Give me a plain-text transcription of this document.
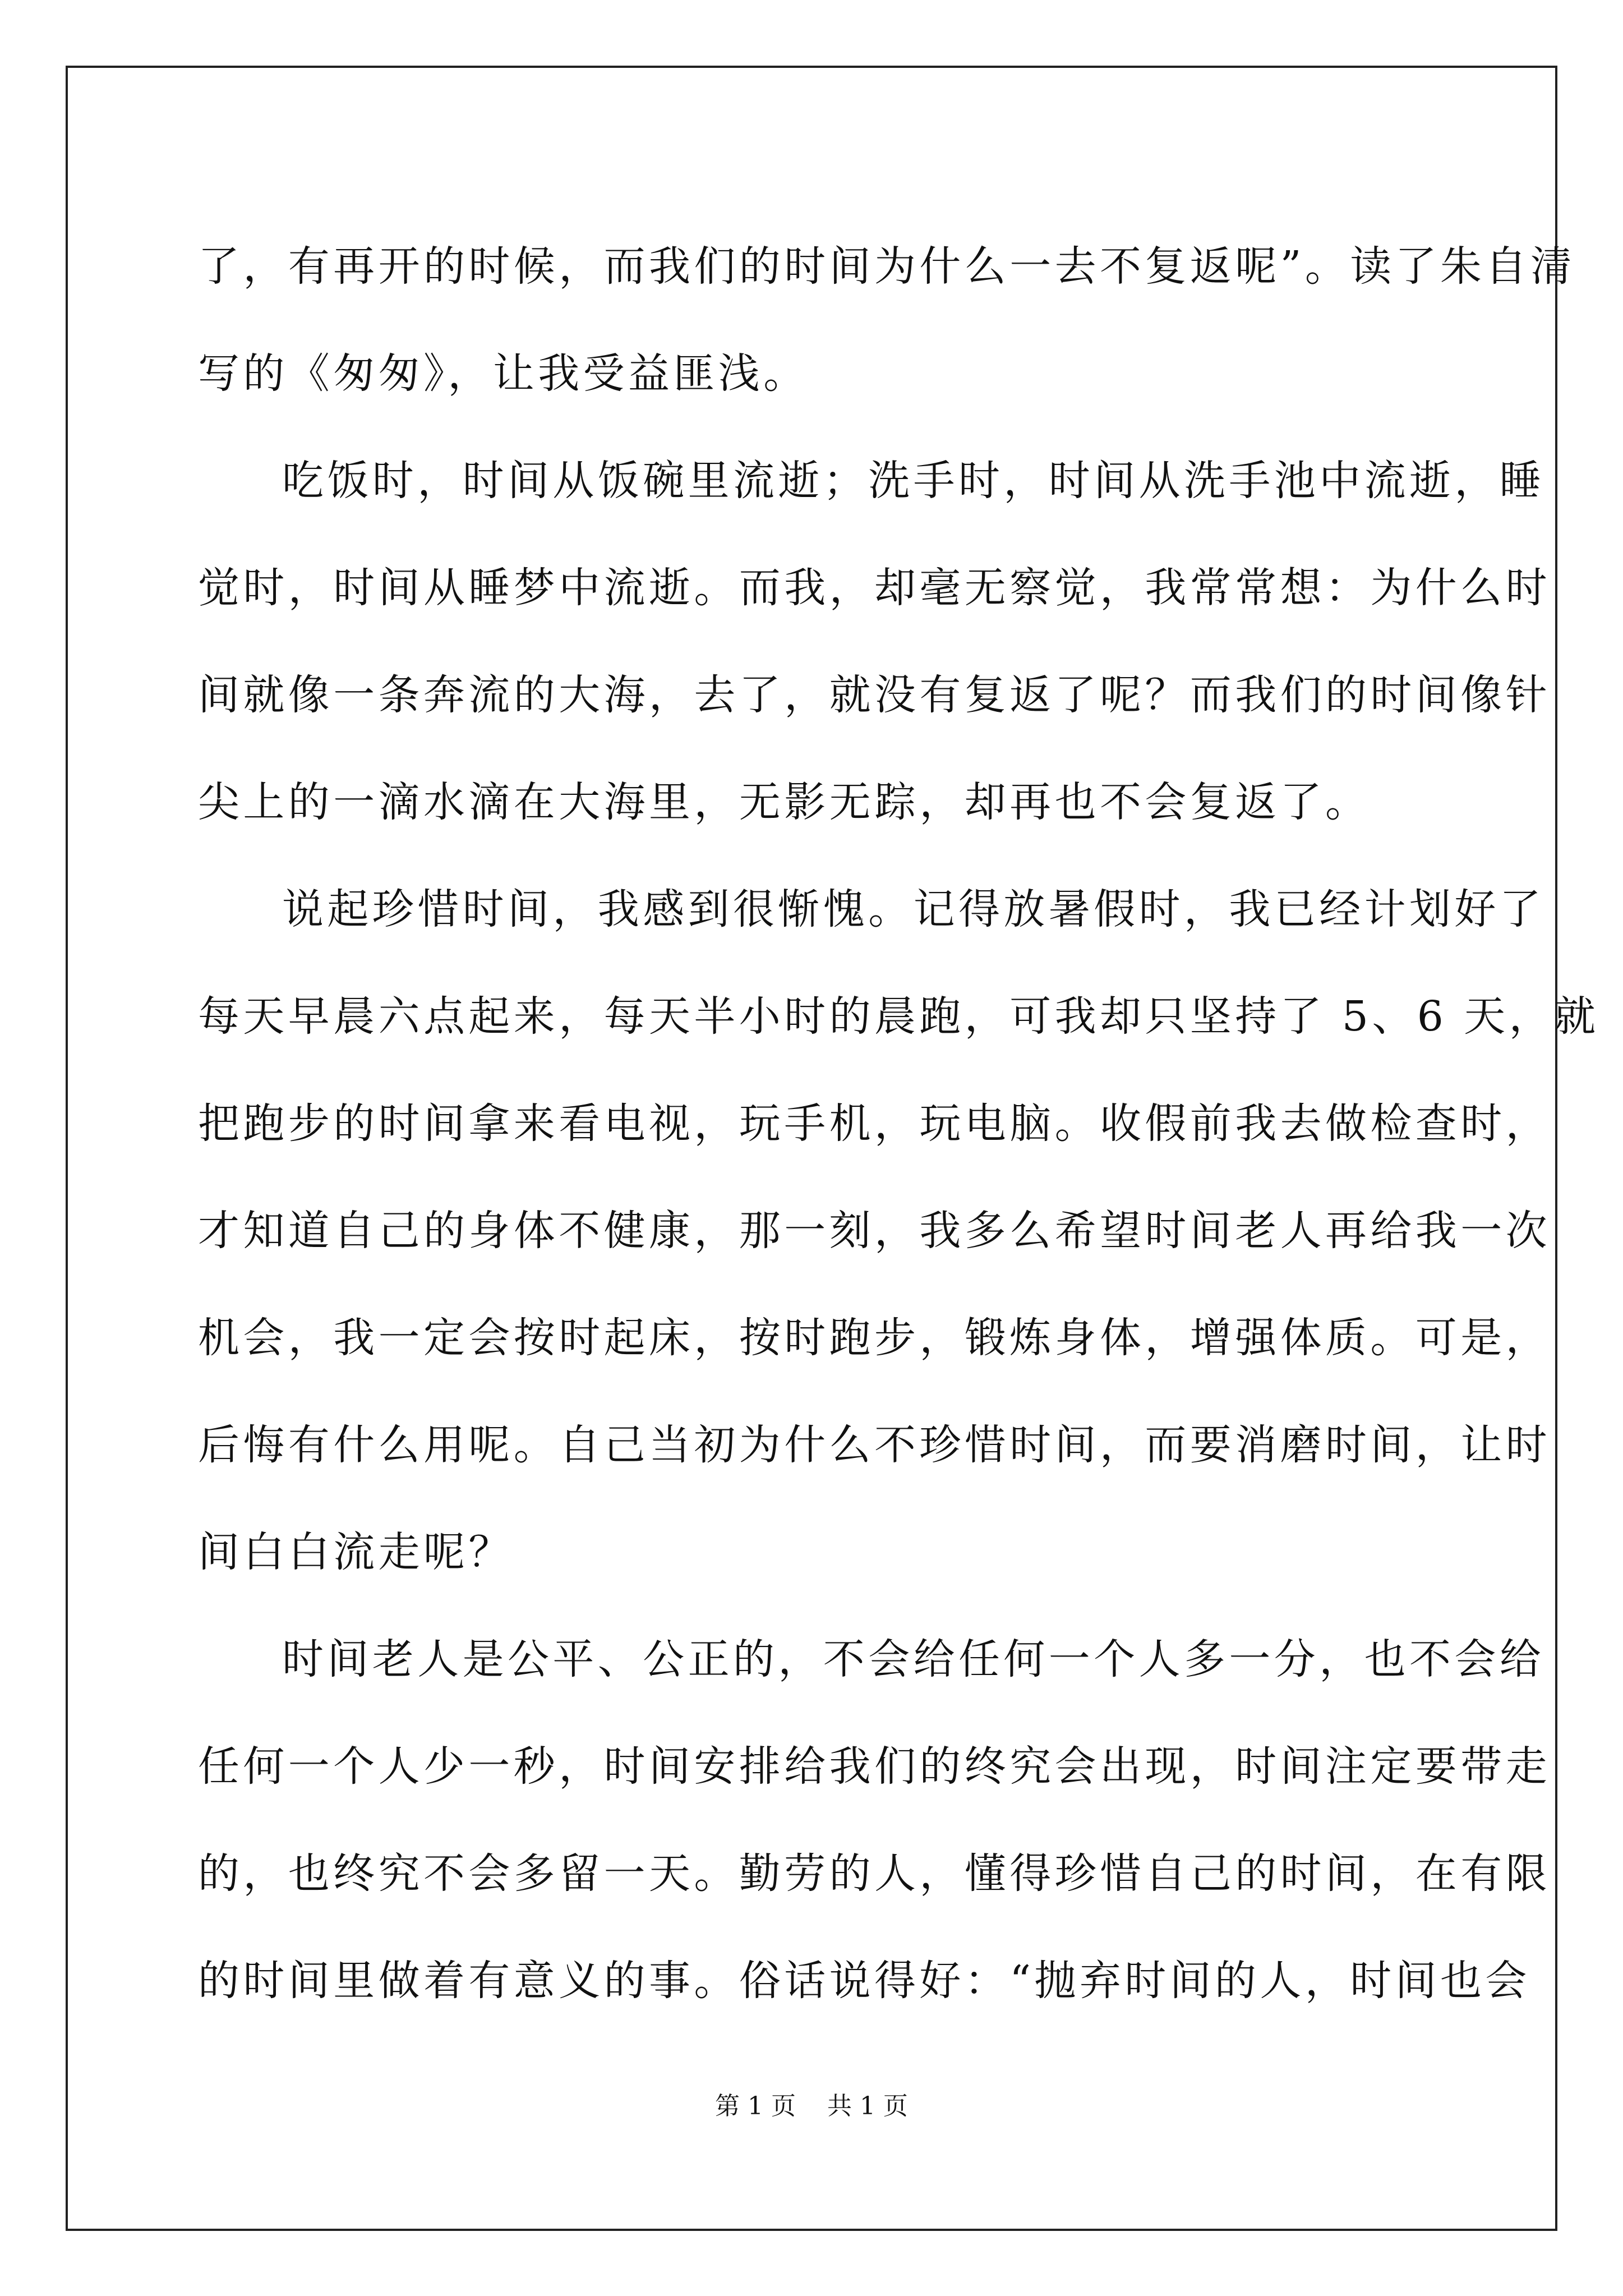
了，有再开的时候，而我们的时间为什么一去不复返呢”。读了朱自清
写的《匆匆》，让我受益匪浅。
吃饭时，时间从饭碗里流逝；洗手时，时间从洗手池中流逝，睡
觉时，时间从睡梦中流逝。而我，却毫无察觉，我常常想：为什么时
间就像一条奔流的大海，去了，就没有复返了呢？而我们的时间像针
尖上的一滴水滴在大海里，无影无踪，却再也不会复返了。
说起珍惜时间，我感到很惭愧。记得放暑假时，我已经计划好了
每天早晨六点起来，每天半小时的晨跑，可我却只坚持了 5、6 天，就
把跑步的时间拿来看电视，玩手机，玩电脑。收假前我去做检查时，
才知道自己的身体不健康，那一刻，我多么希望时间老人再给我一次
机会，我一定会按时起床，按时跑步，锻炼身体，增强体质。可是，
后悔有什么用呢。自己当初为什么不珍惜时间，而要消磨时间，让时
间白白流走呢？
时间老人是公平、公正的，不会给任何一个人多一分，也不会给
任何一个人少一秒，时间安排给我们的终究会出现，时间注定要带走
的，也终究不会多留一天。勤劳的人，懂得珍惜自己的时间，在有限
的时间里做着有意义的事。俗话说得好：“抛弃时间的人，时间也会
第 1 页    共 1 页
